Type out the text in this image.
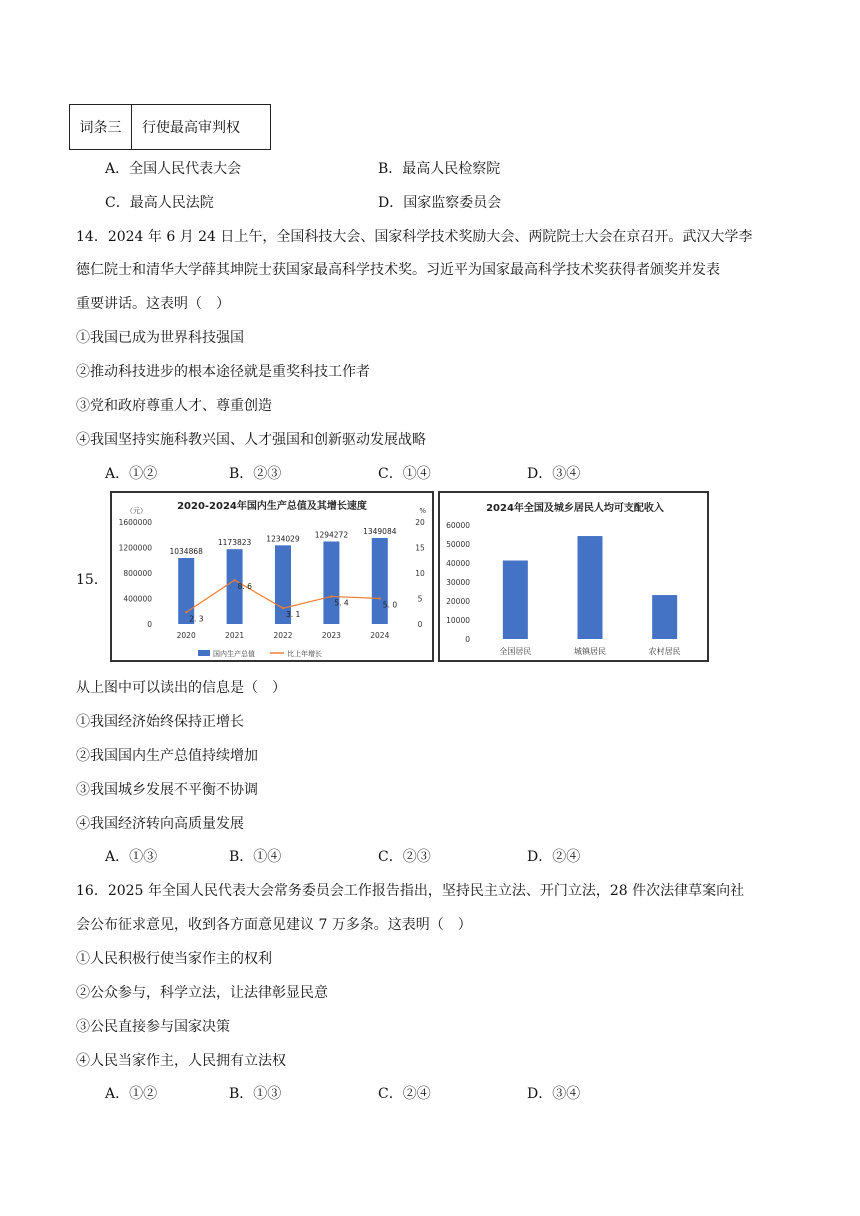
词条三	行使最高审判权
A．全国人民代表大会	B．最高人民检察院
C．最高人民法院	D．国家监察委员会
14．2024 年 6 月 24 日上午，全国科技大会、国家科学技术奖励大会、两院院士大会在京召开。武汉大学李
德仁院士和清华大学薛其坤院士获国家最高科学技术奖。习近平为国家最高科学技术奖获得者颁奖并发表
重要讲话。这表明（　）
①我国已成为世界科技强国
②推动科技进步的根本途径就是重奖科技工作者
③党和政府尊重人才、尊重创造
④我国坚持实施科教兴国、人才强国和创新驱动发展战略
A．①②	B．②③	C．①④	D．③④
15．
2020-2024年国内生产总值及其增长速度
（元）	%
1600000
1200000
800000
400000
0
20
15
10
5
0
1034868
2020
1173823
2021
1234029
2022
1294272
2023
1349084
2024
2. 3
8. 6
3. 1
5. 4	5. 0
国内生产总值	比上年增长
2024年全国及城乡居民人均可支配收入
60000
50000
40000
30000
20000
10000
0
全国居民	城镇居民	农村居民
从上图中可以读出的信息是（　）
①我国经济始终保持正增长
②我国国内生产总值持续增加
③我国城乡发展不平衡不协调
④我国经济转向高质量发展
A．①③	B．①④	C．②③	D．②④
16．2025 年全国人民代表大会常务委员会工作报告指出，坚持民主立法、开门立法，28 件次法律草案向社
会公布征求意见，收到各方面意见建议 7 万多条。这表明（　）
①人民积极行使当家作主的权利
②公众参与，科学立法，让法律彰显民意
③公民直接参与国家决策
④人民当家作主，人民拥有立法权
A．①②	B．①③	C．②④	D．③④
